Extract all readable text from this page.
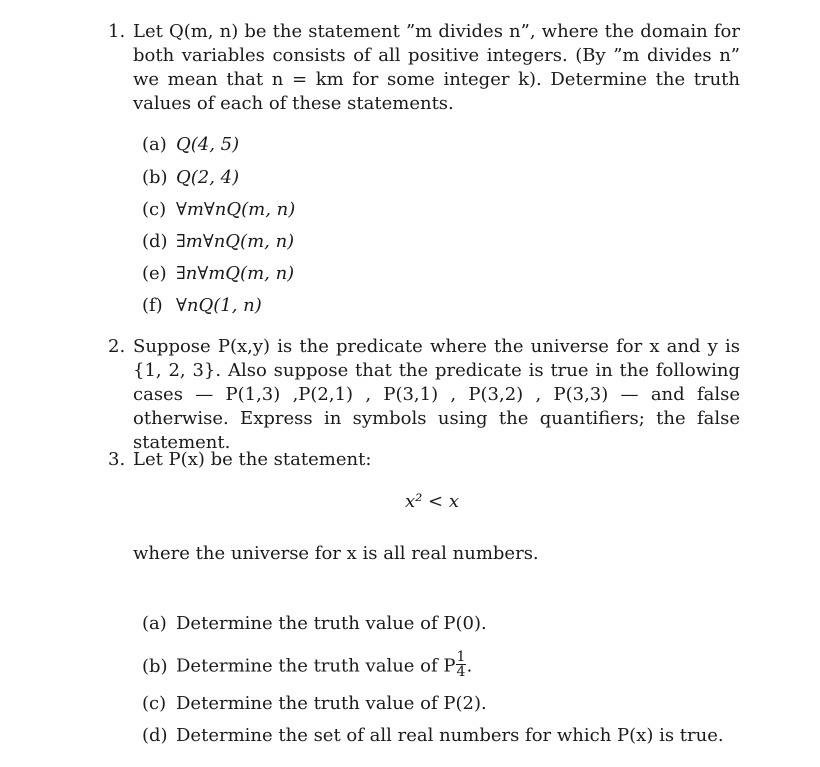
1. Let Q(m, n) be the statement ”m divides n”, where the domain for both variables consists of all positive integers. (By ”m divides n” we mean that n = km for some integer k). Determine the truth values of each of these statements.
(a) Q(4, 5)
(b) Q(2, 4)
(c) ∀m∀nQ(m, n)
(d) ∃m∀nQ(m, n)
(e) ∃n∀mQ(m, n)
(f) ∀nQ(1, n)
2. Suppose P(x,y) is the predicate where the universe for x and y is {1, 2, 3}. Also suppose that the predicate is true in the following cases — P(1,3) ,P(2,1) , P(3,1) , P(3,2) , P(3,3) — and false otherwise. Express in symbols using the quantifiers; the false statement.
3. Let P(x) be the statement:
x² < x
where the universe for x is all real numbers.
(a) Determine the truth value of P(0).
(b) Determine the truth value of P $\frac{1}{4}$ .
(c) Determine the truth value of P(2).
(d) Determine the set of all real numbers for which P(x) is true.
